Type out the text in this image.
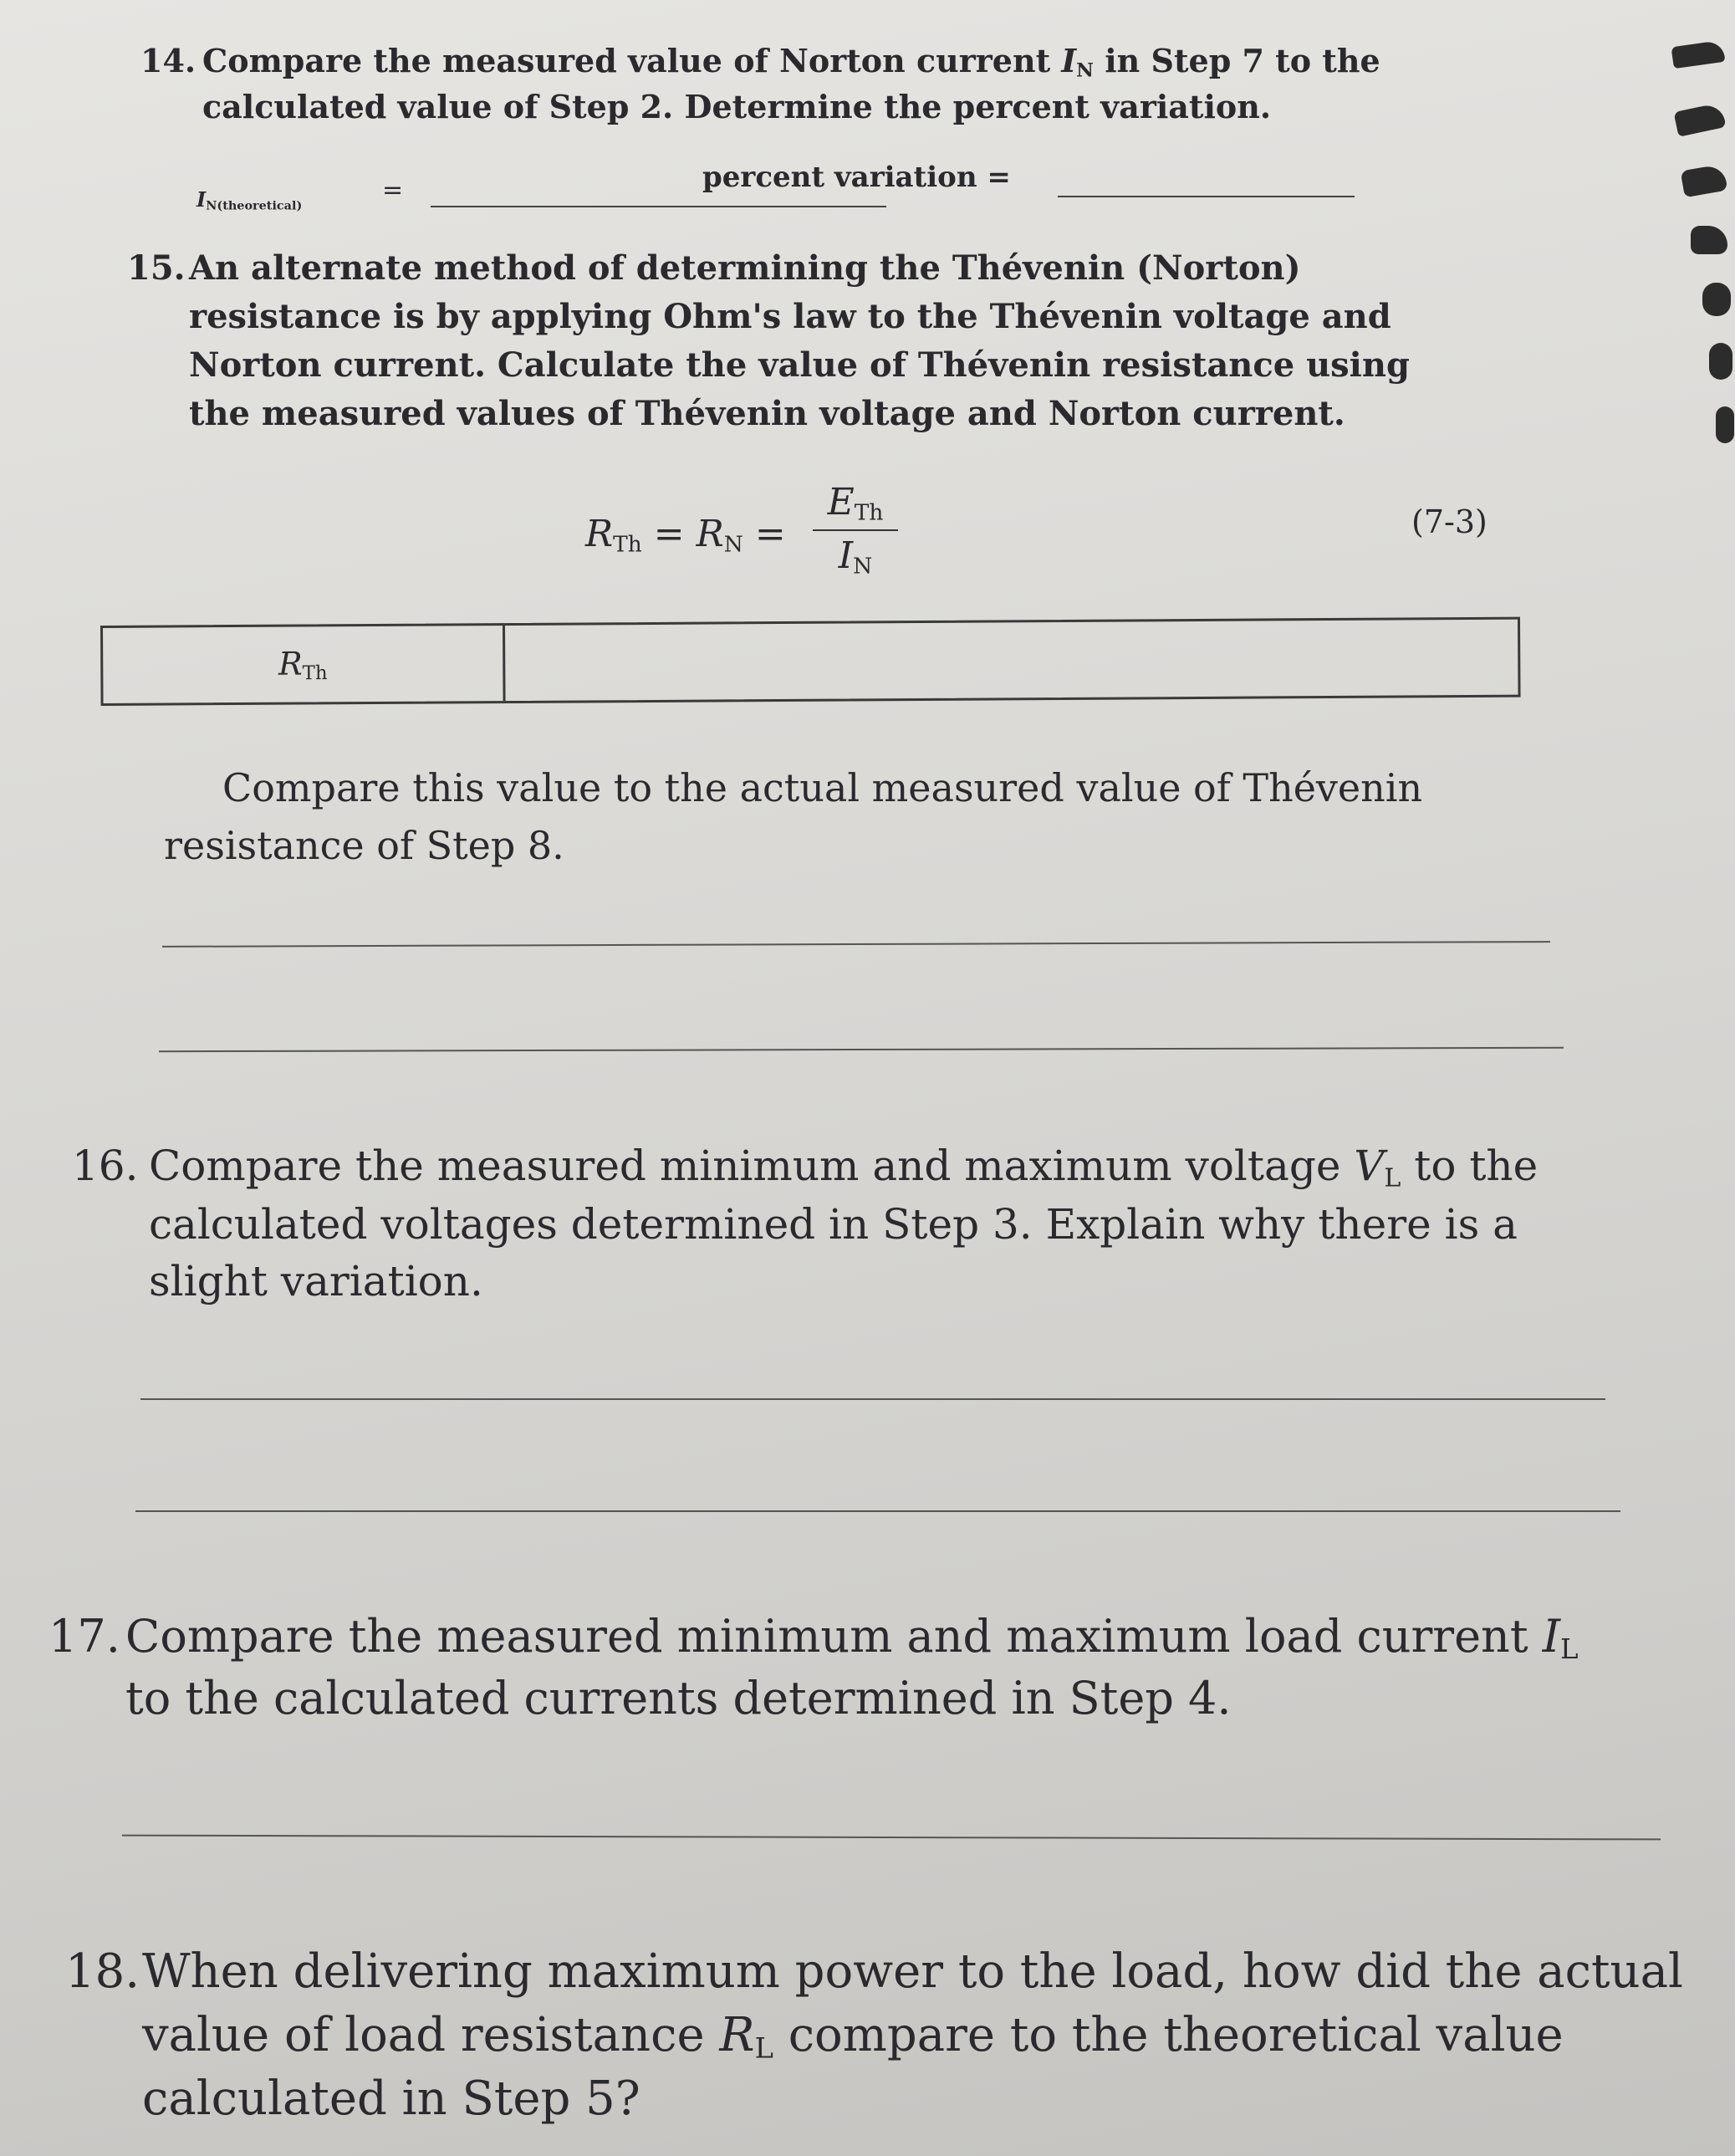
14. Compare the measured value of Norton current $I_N$ in Step 7 to the calculated value of Step 2. Determine the percent variation.
$I_{N(theoretical)}$
=	percent variation =
15. An alternate method of determining the Thévenin (Norton) resistance is by applying Ohm's law to the Thévenin voltage and Norton current. Calculate the value of Thévenin resistance using the measured values of Thévenin voltage and Norton current.
$R_{Th} = R_N$ =
$E_{Th}$
$I_N$
(7-3)
$R_{Th}$
Compare this value to the actual measured value of Thévenin resistance of Step 8.
16. Compare the measured minimum and maximum voltage $V_L$ to the calculated voltages determined in Step 3. Explain why there is a slight variation.
17. Compare the measured minimum and maximum load current $I_L$ to the calculated currents determined in Step 4.
18. When delivering maximum power to the load, how did the actual value of load resistance $R_L$ compare to the theoretical value calculated in Step 5?
